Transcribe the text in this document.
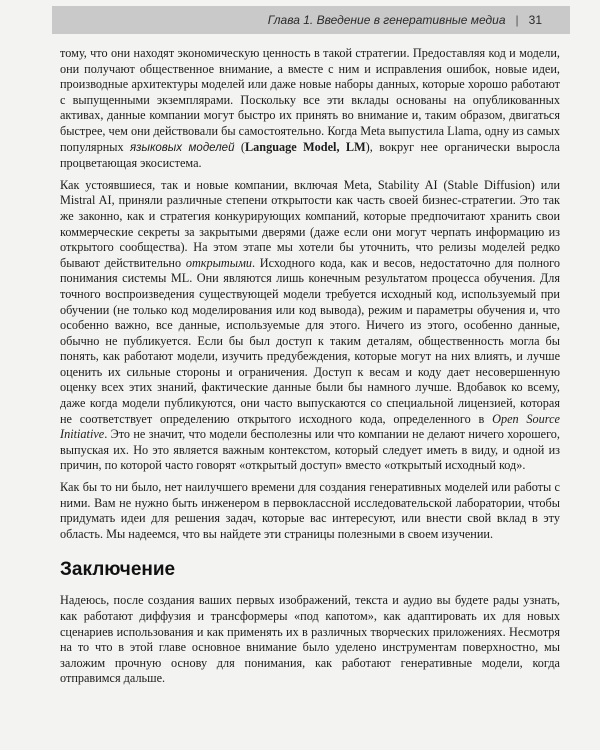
Глава 1. Введение в генеративные медиа | 31

тому, что они находят экономическую ценность в такой стратегии. Предоставляя код и модели, они получают общественное внимание, а вместе с ним и исправления ошибок, новые идеи, производные архитектуры моделей или даже новые наборы данных, которые хорошо работают с выпущенными экземплярами. Поскольку все эти вклады основаны на опубликованных активах, данные компании могут быстро их принять во внимание и, таким образом, двигаться быстрее, чем они действовали бы самостоятельно. Когда Meta выпустила Llama, одну из самых популярных языковых моделей (Language Model, LM), вокруг нее органически выросла процветающая экосистема.

Как устоявшиеся, так и новые компании, включая Meta, Stability AI (Stable Diffusion) или Mistral AI, приняли различные степени открытости как часть своей бизнес-стратегии. Это так же законно, как и стратегия конкурирующих компаний, которые предпочитают хранить свои коммерческие секреты за закрытыми дверями (даже если они могут черпать информацию из открытого сообщества). На этом этапе мы хотели бы уточнить, что релизы моделей редко бывают действительно открытыми. Исходного кода, как и весов, недостаточно для полного понимания системы ML. Они являются лишь конечным результатом процесса обучения. Для точного воспроизведения существующей модели требуется исходный код, используемый при обучении (не только код моделирования или код вывода), режим и параметры обучения и, что особенно важно, все данные, используемые для этого. Ничего из этого, особенно данные, обычно не публикуется. Если бы был доступ к таким деталям, общественность могла бы понять, как работают модели, изучить предубеждения, которые могут на них влиять, и лучше оценить их сильные стороны и ограничения. Доступ к весам и коду дает несовершенную оценку всех этих знаний, фактические данные были бы намного лучше. Вдобавок ко всему, даже когда модели публикуются, они часто выпускаются со специальной лицензией, которая не соответствует определению открытого исходного кода, определенного в Open Source Initiative. Это не значит, что модели бесполезны или что компании не делают ничего хорошего, выпуская их. Но это является важным контекстом, который следует иметь в виду, и одной из причин, по которой часто говорят «открытый доступ» вместо «открытый исходный код».

Как бы то ни было, нет наилучшего времени для создания генеративных моделей или работы с ними. Вам не нужно быть инженером в первоклассной исследовательской лаборатории, чтобы придумать идеи для решения задач, которые вас интересуют, или внести свой вклад в эту область. Мы надеемся, что вы найдете эти страницы полезными в своем изучении.

Заключение

Надеюсь, после создания ваших первых изображений, текста и аудио вы будете рады узнать, как работают диффузия и трансформеры «под капотом», как адаптировать их для новых сценариев использования и как применять их в различных творческих приложениях. Несмотря на то что в этой главе основное внимание было уделено инструментам поверхностно, мы заложим прочную основу для понимания, как работают генеративные модели, когда отправимся дальше.
